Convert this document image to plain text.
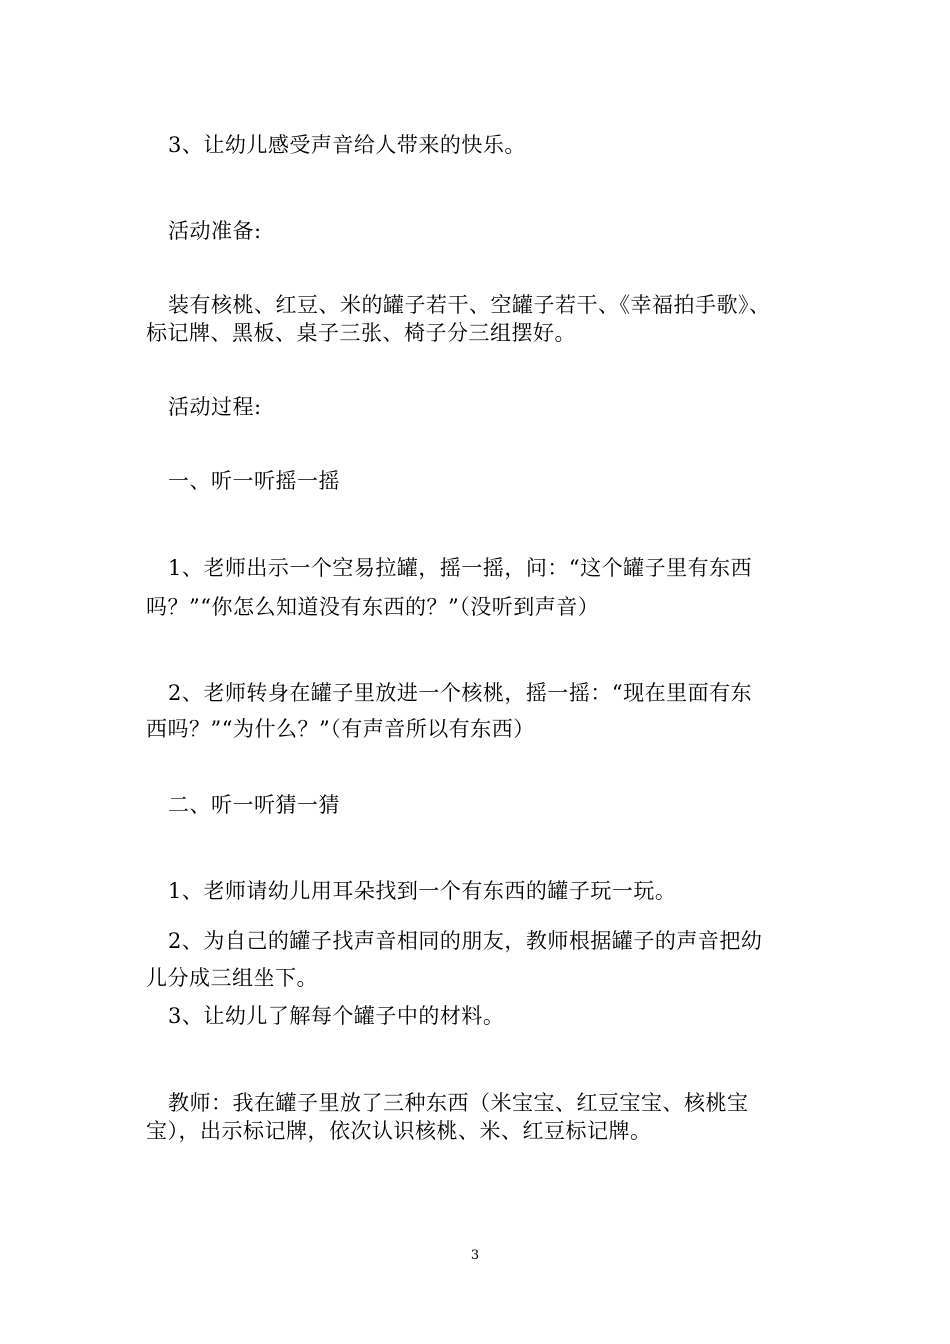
3、让幼儿感受声音给人带来的快乐。
活动准备:
装有核桃、红豆、米的罐子若干、空罐子若干、《幸福拍手歌》、
标记牌、黑板、桌子三张、椅子分三组摆好。
活动过程:
一、听一听摇一摇
1、老师出示一个空易拉罐，摇一摇，问：“这个罐子里有东西
吗？”“你怎么知道没有东西的？”（没听到声音）
2、老师转身在罐子里放进一个核桃，摇一摇：“现在里面有东
西吗？”“为什么？”（有声音所以有东西）
二、听一听猜一猜
1、老师请幼儿用耳朵找到一个有东西的罐子玩一玩。
2、为自己的罐子找声音相同的朋友，教师根据罐子的声音把幼
儿分成三组坐下。
3、让幼儿了解每个罐子中的材料。
教师：我在罐子里放了三种东西（米宝宝、红豆宝宝、核桃宝
宝），出示标记牌，依次认识核桃、米、红豆标记牌。
3
